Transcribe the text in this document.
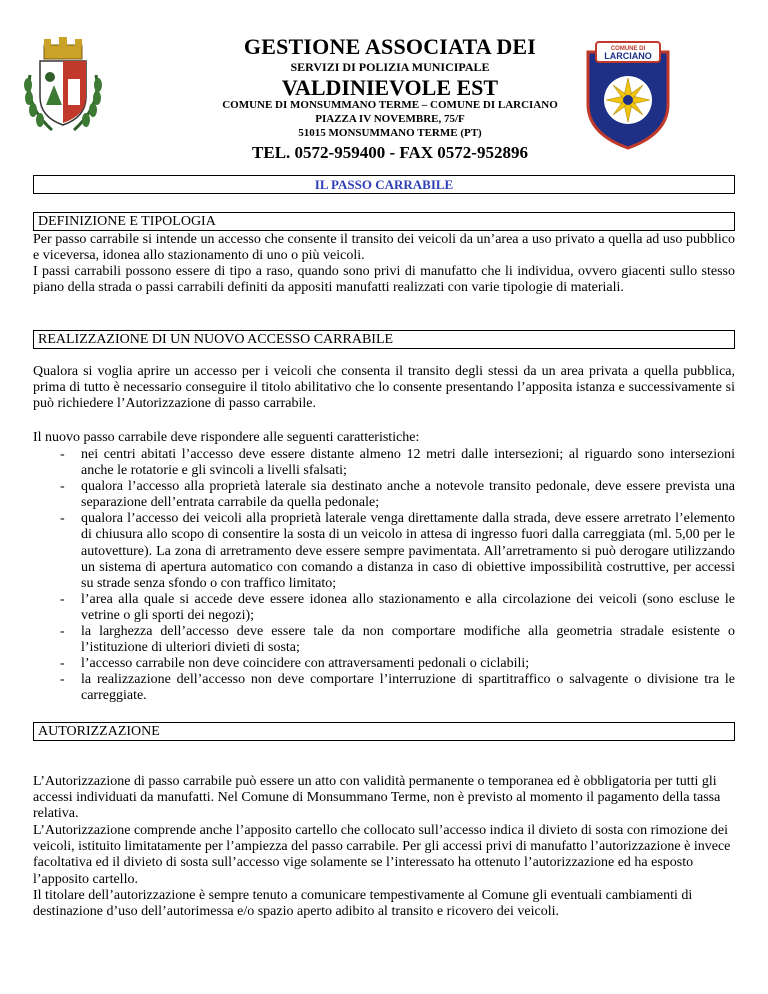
GESTIONE ASSOCIATA DEI
SERVIZI DI POLIZIA MUNICIPALE
VALDINIEVOLE EST
COMUNE DI MONSUMMANO TERME – COMUNE DI LARCIANO
PIAZZA IV NOVEMBRE, 75/F
51015 MONSUMMANO TERME (PT)
TEL. 0572-959400 - FAX 0572-952896
COMUNE DI
LARCIANO
IL PASSO CARRABILE
DEFINIZIONE E TIPOLOGIA
Per passo carrabile si intende un accesso che consente il transito dei veicoli da un’area a uso privato a quella ad uso pubblico e viceversa, idonea allo stazionamento di uno o più veicoli.
I passi carrabili possono essere di tipo a raso, quando sono privi di manufatto che li individua, ovvero giacenti sullo stesso piano della strada o passi carrabili definiti da appositi manufatti realizzati con varie tipologie di materiali.
REALIZZAZIONE DI UN NUOVO ACCESSO CARRABILE
Qualora si voglia aprire un accesso per i veicoli che consenta il transito degli stessi da un area privata a quella pubblica, prima di tutto è necessario conseguire il titolo abilitativo che lo consente presentando l’apposita istanza e successivamente si può richiedere l’Autorizzazione di passo carrabile.
Il nuovo passo carrabile deve rispondere alle seguenti caratteristiche:
- nei centri abitati l’accesso deve essere distante almeno 12 metri dalle intersezioni; al riguardo sono intersezioni anche le rotatorie e gli svincoli a livelli sfalsati;
- qualora l’accesso alla proprietà laterale sia destinato anche a notevole transito pedonale, deve essere prevista una separazione dell’entrata carrabile da quella pedonale;
- qualora l’accesso dei veicoli alla proprietà laterale venga direttamente dalla strada, deve essere arretrato l’elemento di chiusura allo scopo di consentire la sosta di un veicolo in attesa di ingresso fuori dalla carreggiata (ml. 5,00 per le autovetture). La zona di arretramento deve essere sempre pavimentata. All’arretramento si può derogare utilizzando un sistema di apertura automatico con comando a distanza in caso di obiettive impossibilità costruttive, per accessi su strade senza sfondo o con traffico limitato;
- l’area alla quale si accede deve essere idonea allo stazionamento e alla circolazione dei veicoli (sono escluse le vetrine o gli sporti dei negozi);
- la larghezza dell’accesso deve essere tale da non comportare modifiche alla geometria stradale esistente o l’istituzione di ulteriori divieti di sosta;
- l’accesso carrabile non deve coincidere con attraversamenti pedonali o ciclabili;
- la realizzazione dell’accesso non deve comportare l’interruzione di spartitraffico o salvagente o divisione tra le carreggiate.
AUTORIZZAZIONE
L’Autorizzazione di passo carrabile può essere un atto con validità permanente o temporanea ed è obbligatoria per tutti gli accessi individuati da manufatti. Nel Comune di Monsummano Terme, non è previsto al momento il pagamento della tassa relativa.
L’Autorizzazione comprende anche l’apposito cartello che collocato sull’accesso indica il divieto di sosta con rimozione dei veicoli, istituito limitatamente per l’ampiezza del passo carrabile. Per gli accessi privi di manufatto l’autorizzazione è invece facoltativa ed il divieto di sosta sull’accesso vige solamente se l’interessato ha ottenuto l’autorizzazione ed ha esposto l’apposito cartello.
Il titolare dell’autorizzazione è sempre tenuto a comunicare tempestivamente al Comune gli eventuali cambiamenti di destinazione d’uso dell’autorimessa e/o spazio aperto adibito al transito e ricovero dei veicoli.
